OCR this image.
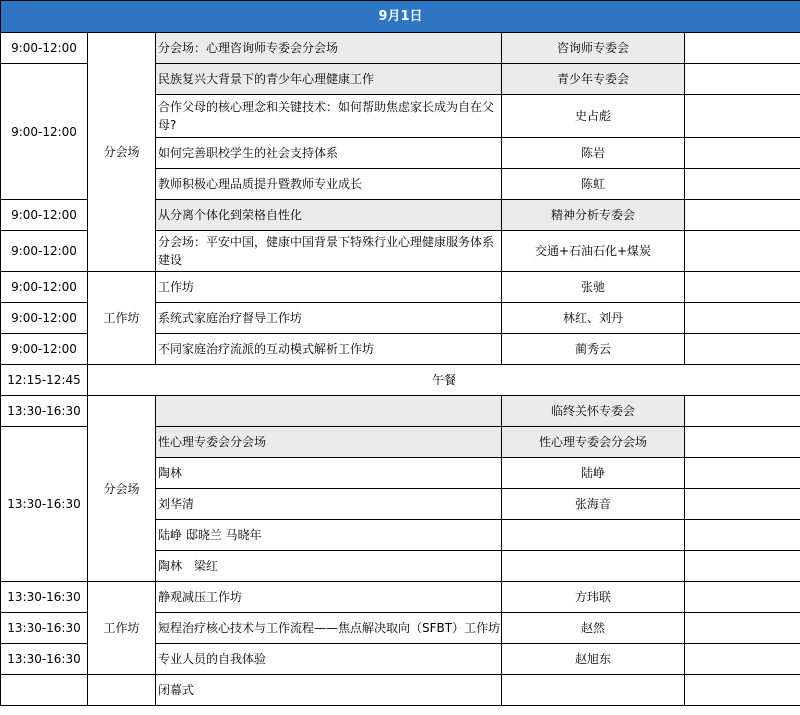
9月1日				
9:00-12:00	分会场	分会场：心理咨询师专委会分会场	咨询师专委会	
9:00-12:00		民族复兴大背景下的青少年心理健康工作	青少年专委会	
		合作父母的核心理念和关键技术：如何帮助焦虑家长成为自在父母?	史占彪	
		如何完善职校学生的社会支持体系	陈岩	
		教师积极心理品质提升暨教师专业成长	陈虹	
9:00-12:00		从分离个体化到荣格自性化	精神分析专委会	
9:00-12:00		分会场：平安中国，健康中国背景下特殊行业心理健康服务体系建设	交通+石油石化+煤炭	
9:00-12:00	工作坊	工作坊	张驰	
9:00-12:00		系统式家庭治疗督导工作坊	林红、刘丹	
9:00-12:00		不同家庭治疗流派的互动模式解析工作坊	蔺秀云	
12:15-12:45	午餐			
13:30-16:30	分会场		临终关怀专委会	
13:30-16:30		性心理专委会分会场	性心理专委会分会场	
		陶林	陆峥	
		刘华清	张海音	
		陆峥 邸晓兰 马晓年		
		陶林　梁红		
13:30-16:30	工作坊	静观减压工作坊	方玮联	
13:30-16:30		短程治疗核心技术与工作流程——焦点解决取向（SFBT）工作坊	赵然	
13:30-16:30		专业人员的自我体验	赵旭东	
		闭幕式		
